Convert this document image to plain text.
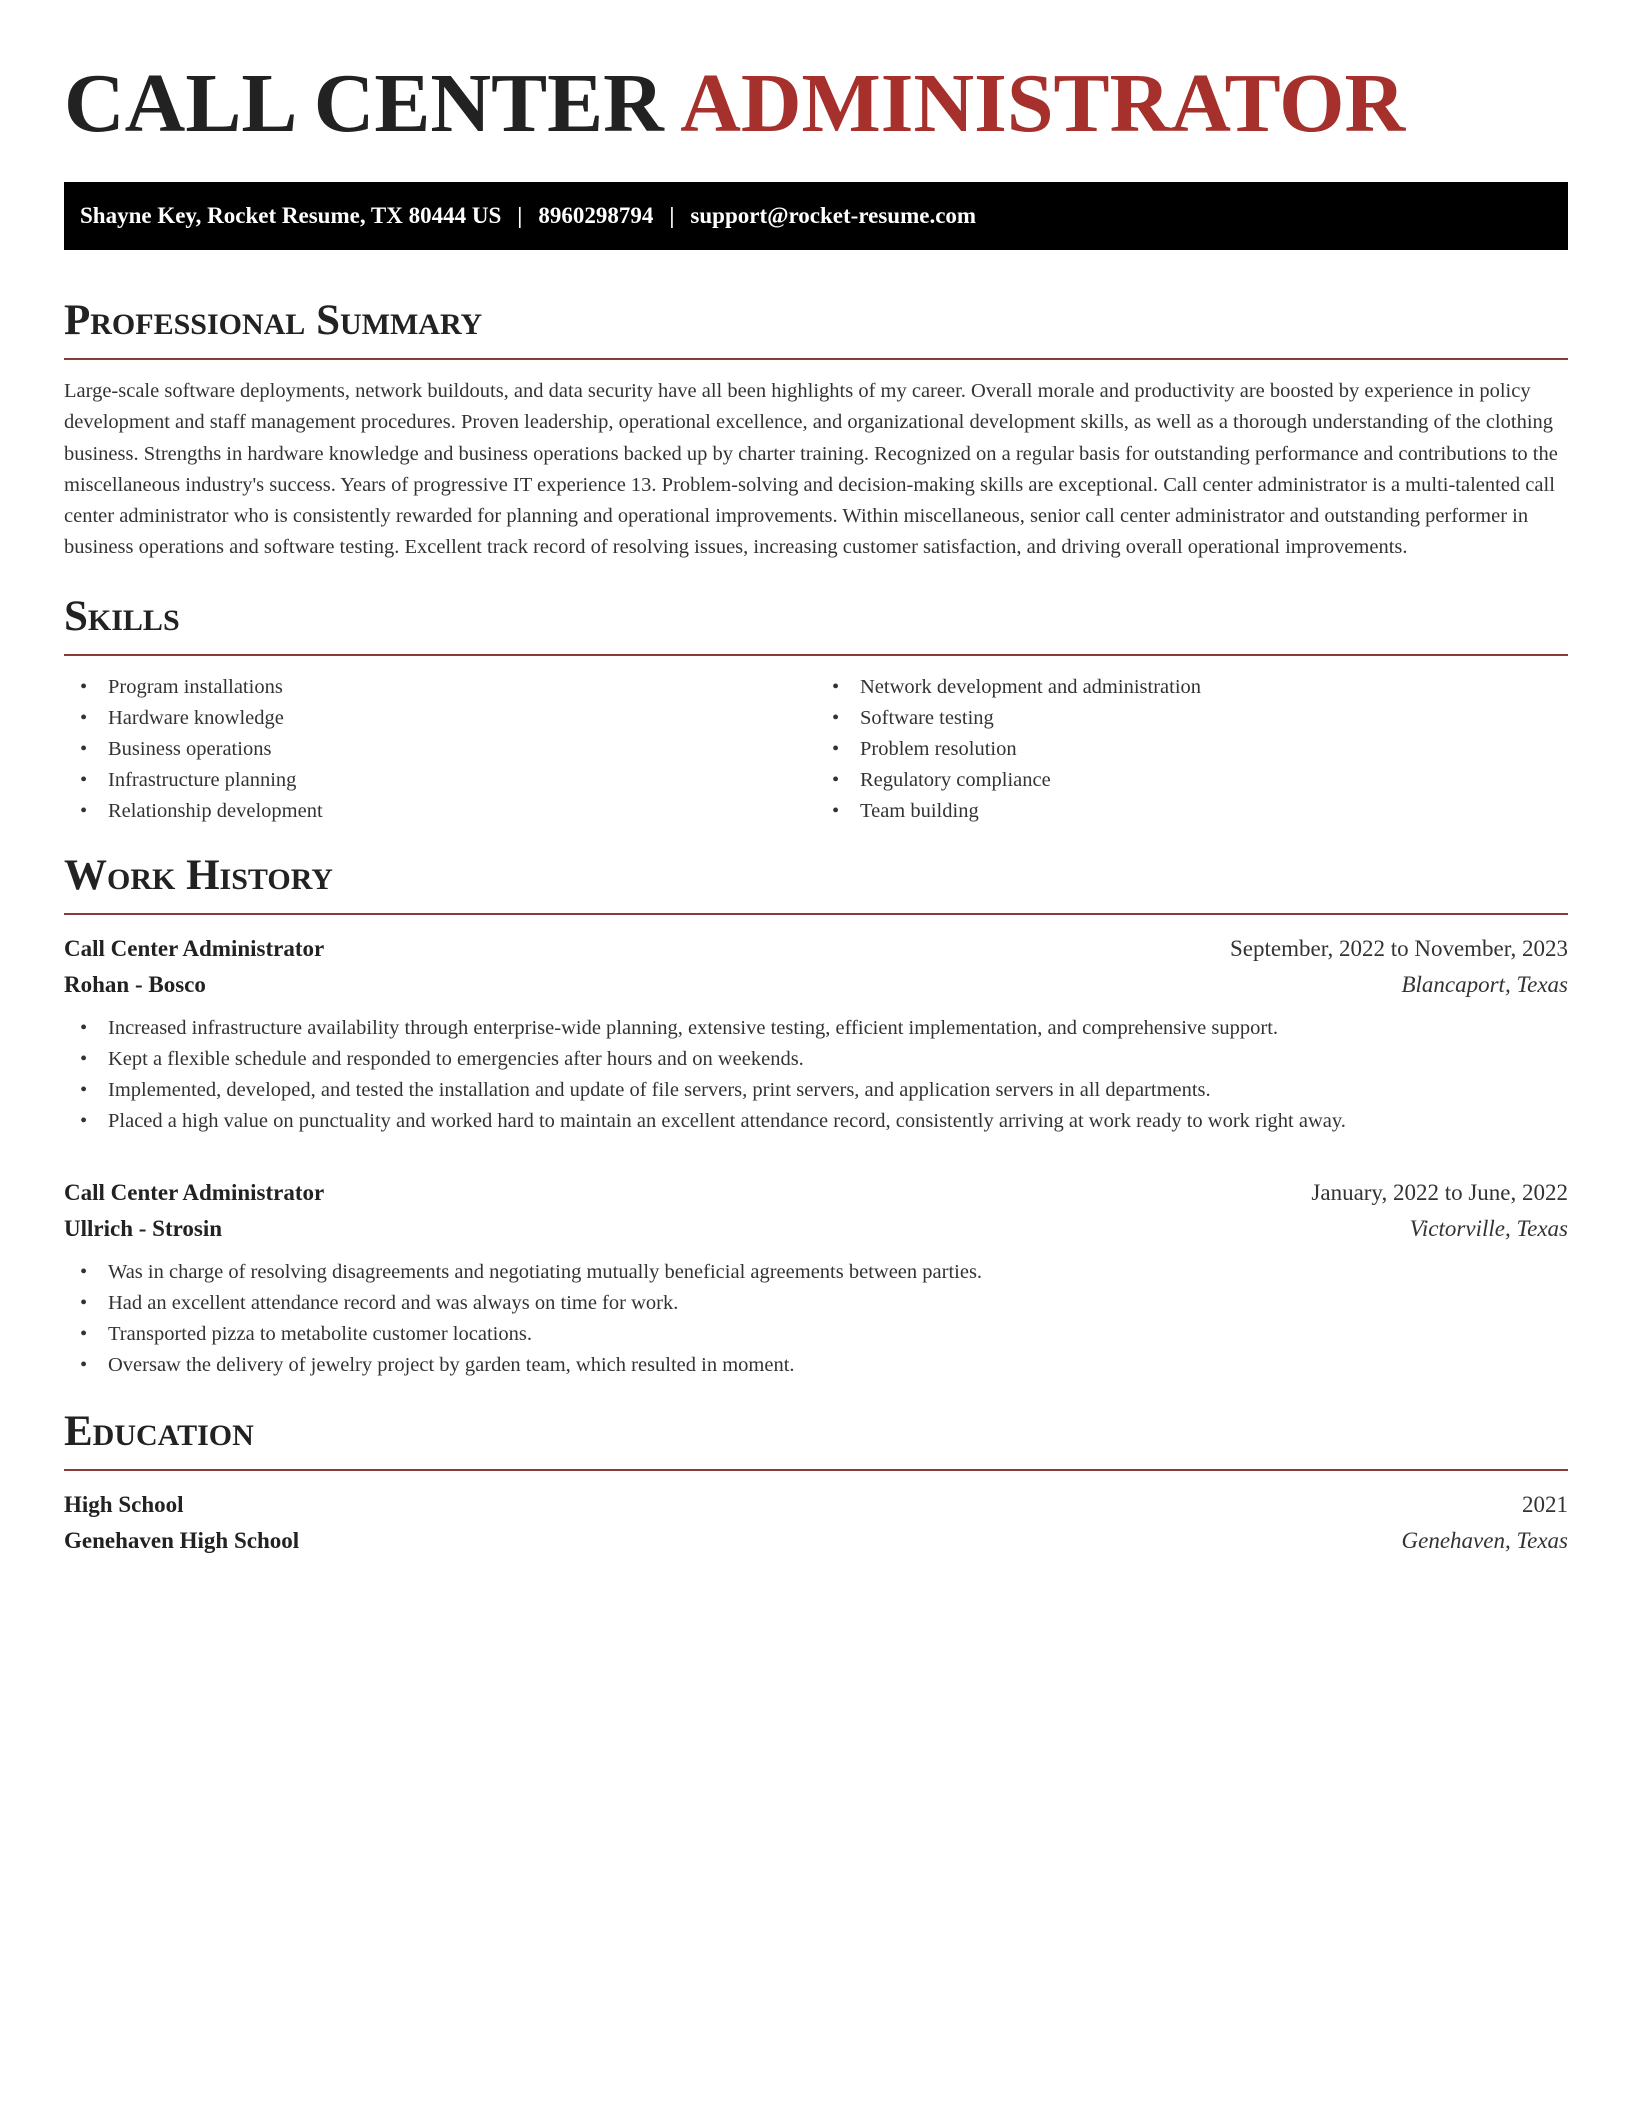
CALL CENTER ADMINISTRATOR
Shayne Key, Rocket Resume, TX 80444 US | 8960298794 | support@rocket-resume.com
Professional Summary

Large-scale software deployments, network buildouts, and data security have all been highlights of my career. Overall morale and productivity are boosted by experience in policy development and staff management procedures. Proven leadership, operational excellence, and organizational development skills, as well as a thorough understanding of the clothing business. Strengths in hardware knowledge and business operations backed up by charter training. Recognized on a regular basis for outstanding performance and contributions to the miscellaneous industry's success. Years of progressive IT experience 13. Problem-solving and decision-making skills are exceptional. Call center administrator is a multi-talented call center administrator who is consistently rewarded for planning and operational improvements. Within miscellaneous, senior call center administrator and outstanding performer in business operations and software testing. Excellent track record of resolving issues, increasing customer satisfaction, and driving overall operational improvements.

Skills
• Program installations
• Hardware knowledge
• Business operations
• Infrastructure planning
• Relationship development
• Network development and administration
• Software testing
• Problem resolution
• Regulatory compliance
• Team building
Work History
Call Center Administrator	September, 2022 to November, 2023
Rohan - Bosco	Blancaport, Texas
• Increased infrastructure availability through enterprise-wide planning, extensive testing, efficient implementation, and comprehensive support.
• Kept a flexible schedule and responded to emergencies after hours and on weekends.
• Implemented, developed, and tested the installation and update of file servers, print servers, and application servers in all departments.
• Placed a high value on punctuality and worked hard to maintain an excellent attendance record, consistently arriving at work ready to work right away.
Call Center Administrator	January, 2022 to June, 2022
Ullrich - Strosin	Victorville, Texas
• Was in charge of resolving disagreements and negotiating mutually beneficial agreements between parties.
• Had an excellent attendance record and was always on time for work.
• Transported pizza to metabolite customer locations.
• Oversaw the delivery of jewelry project by garden team, which resulted in moment.
Education
High School	2021
Genehaven High School	Genehaven, Texas
